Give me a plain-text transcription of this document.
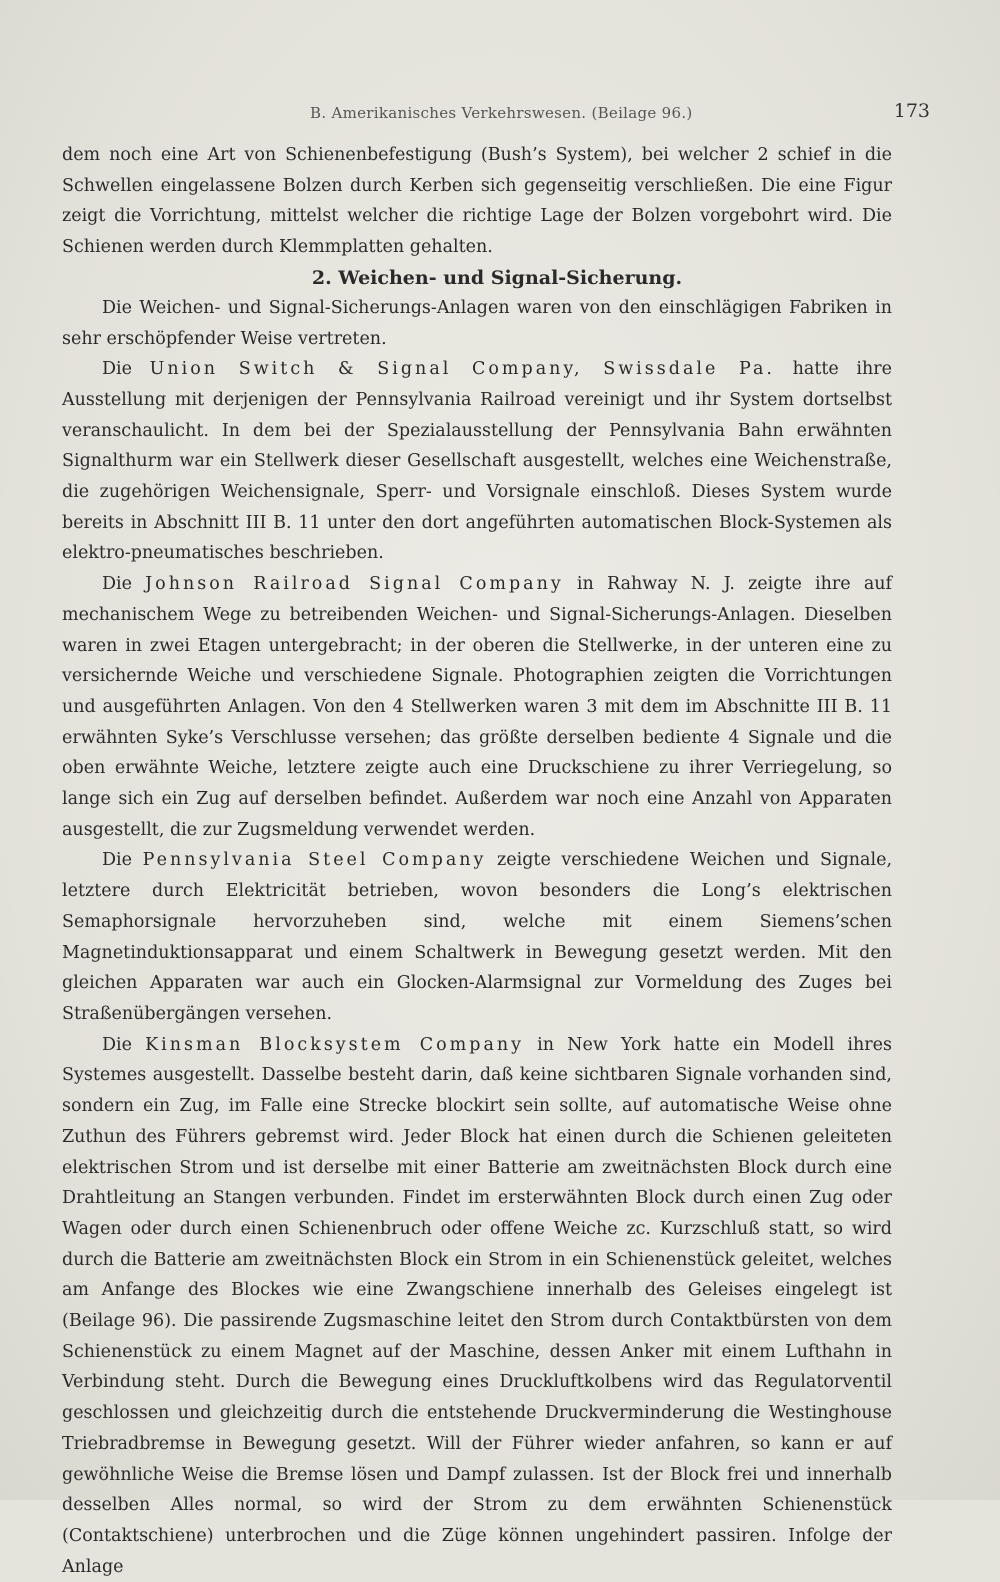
B. Amerikanisches Verkehrswesen. (Beilage 96.)	173

dem noch eine Art von Schienenbefestigung (Bush’s System), bei welcher 2 schief in die Schwellen eingelassene Bolzen durch Kerben sich gegenseitig verschließen. Die eine Figur zeigt die Vorrichtung, mittelst welcher die richtige Lage der Bolzen vorgebohrt wird. Die Schienen werden durch Klemmplatten gehalten.

2. Weichen- und Signal-Sicherung.

Die Weichen- und Signal-Sicherungs-Anlagen waren von den einschlägigen Fabriken in sehr erschöpfender Weise vertreten.

Die Union Switch & Signal Company, Swissdale Pa. hatte ihre Ausstellung mit derjenigen der Pennsylvania Railroad vereinigt und ihr System dortselbst veranschaulicht. In dem bei der Spezialausstellung der Pennsylvania Bahn erwähnten Signalthurm war ein Stellwerk dieser Gesellschaft ausgestellt, welches eine Weichenstraße, die zugehörigen Weichensignale, Sperr- und Vorsignale einschloß. Dieses System wurde bereits in Abschnitt III B. 11 unter den dort angeführten automatischen Block-Systemen als elektro-pneumatisches beschrieben.

Die Johnson Railroad Signal Company in Rahway N. J. zeigte ihre auf mechanischem Wege zu betreibenden Weichen- und Signal-Sicherungs-Anlagen. Dieselben waren in zwei Etagen untergebracht; in der oberen die Stellwerke, in der unteren eine zu versichernde Weiche und verschiedene Signale. Photographien zeigten die Vorrichtungen und ausgeführten Anlagen. Von den 4 Stellwerken waren 3 mit dem im Abschnitte III B. 11 erwähnten Syke’s Verschlusse versehen; das größte derselben bediente 4 Signale und die oben erwähnte Weiche, letztere zeigte auch eine Druckschiene zu ihrer Verriegelung, so lange sich ein Zug auf derselben befindet. Außerdem war noch eine Anzahl von Apparaten ausgestellt, die zur Zugsmeldung verwendet werden.

Die Pennsylvania Steel Company zeigte verschiedene Weichen und Signale, letztere durch Elektricität betrieben, wovon besonders die Long’s elektrischen Semaphorsignale hervorzuheben sind, welche mit einem Siemens’schen Magnetinduktionsapparat und einem Schaltwerk in Bewegung gesetzt werden. Mit den gleichen Apparaten war auch ein Glocken-Alarmsignal zur Vormeldung des Zuges bei Straßenübergängen versehen.

Die Kinsman Blocksystem Company in New York hatte ein Modell ihres Systemes ausgestellt. Dasselbe besteht darin, daß keine sichtbaren Signale vorhanden sind, sondern ein Zug, im Falle eine Strecke blockirt sein sollte, auf automatische Weise ohne Zuthun des Führers gebremst wird. Jeder Block hat einen durch die Schienen geleiteten elektrischen Strom und ist derselbe mit einer Batterie am zweitnächsten Block durch eine Drahtleitung an Stangen verbunden. Findet im ersterwähnten Block durch einen Zug oder Wagen oder durch einen Schienenbruch oder offene Weiche zc. Kurzschluß statt, so wird durch die Batterie am zweitnächsten Block ein Strom in ein Schienenstück geleitet, welches am Anfange des Blockes wie eine Zwangschiene innerhalb des Geleises eingelegt ist (Beilage 96). Die passirende Zugsmaschine leitet den Strom durch Contaktbürsten von dem Schienenstück zu einem Magnet auf der Maschine, dessen Anker mit einem Lufthahn in Verbindung steht. Durch die Bewegung eines Druckluftkolbens wird das Regulatorventil geschlossen und gleichzeitig durch die entstehende Druckverminderung die Westinghouse Triebradbremse in Bewegung gesetzt. Will der Führer wieder anfahren, so kann er auf gewöhnliche Weise die Bremse lösen und Dampf zulassen. Ist der Block frei und innerhalb desselben Alles normal, so wird der Strom zu dem erwähnten Schienenstück (Contaktschiene) unterbrochen und die Züge können ungehindert passiren. Infolge der Anlage
